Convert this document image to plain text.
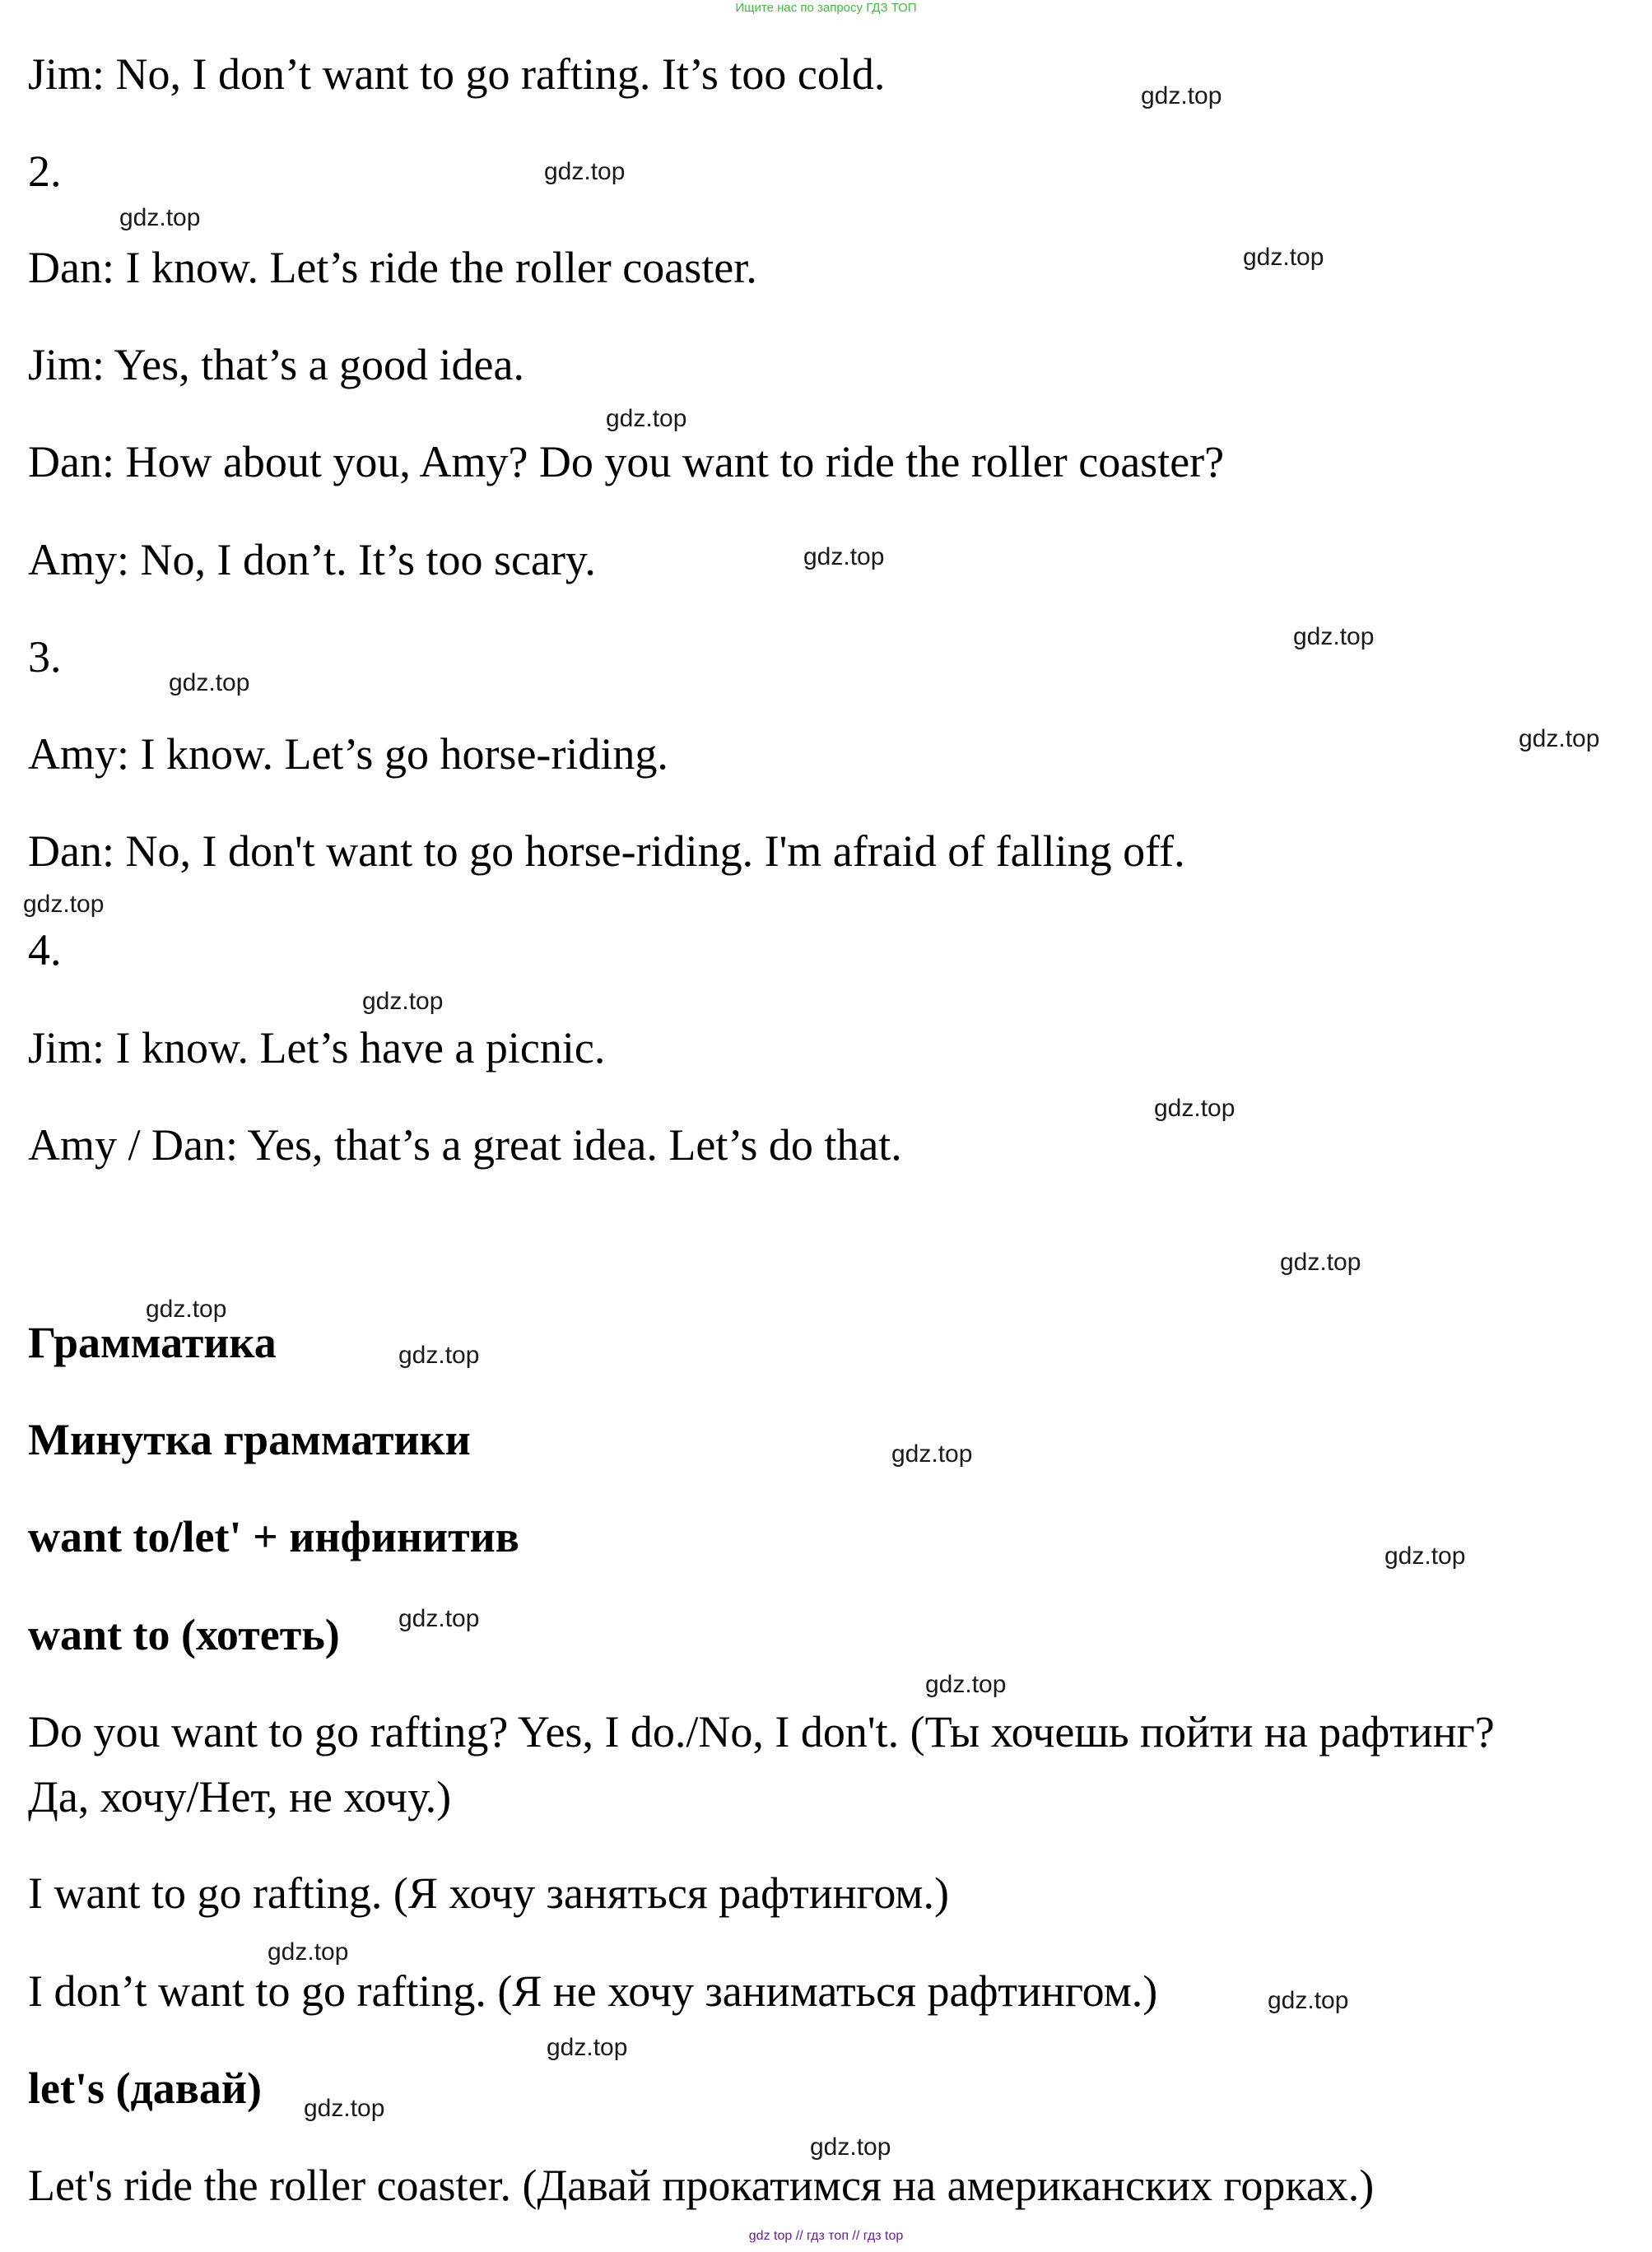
Ищите нас по запросу ГДЗ ТОП
Jim: No, I don’t want to go rafting. It’s too cold.
2.
Dan: I know. Let’s ride the roller coaster.
Jim: Yes, that’s a good idea.
Dan: How about you, Amy? Do you want to ride the roller coaster?
Amy: No, I don’t. It’s too scary.
3.
Amy: I know. Let’s go horse-riding.
Dan: No, I don't want to go horse-riding. I'm afraid of falling off.
4.
Jim: I know. Let’s have a picnic.
Amy / Dan: Yes, that’s a great idea. Let’s do that.
Грамматика
Минутка грамматики
want to/let' + инфинитив
want to (хотеть)
Do you want to go rafting? Yes, I do./No, I don't. (Ты хочешь пойти на рафтинг?
Да, хочу/Нет, не хочу.)
I want to go rafting. (Я хочу заняться рафтингом.)
I don’t want to go rafting. (Я не хочу заниматься рафтингом.)
let's (давай)
Let's ride the roller coaster. (Давай прокатимся на американских горках.)
gdz.top
gdz.top
gdz.top
gdz.top
gdz.top
gdz.top
gdz.top
gdz.top
gdz.top
gdz.top
gdz.top
gdz.top
gdz.top
gdz.top
gdz.top
gdz.top
gdz.top
gdz.top
gdz.top
gdz.top
gdz.top
gdz.top
gdz.top
gdz.top
gdz top // гдз топ // гдз top
